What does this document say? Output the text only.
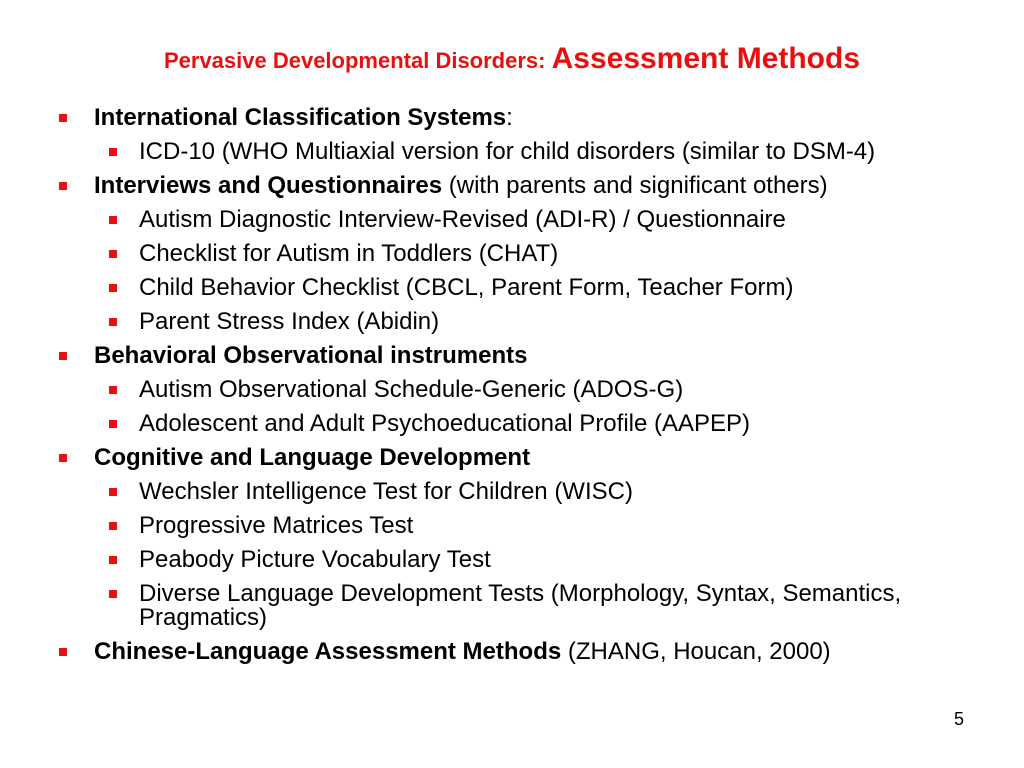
Pervasive Developmental Disorders: Assessment Methods
International Classification Systems:
ICD-10 (WHO Multiaxial version for child disorders (similar to DSM-4)
Interviews and Questionnaires (with parents and significant others)
Autism Diagnostic Interview-Revised (ADI-R) / Questionnaire
Checklist for Autism in Toddlers (CHAT)
Child Behavior Checklist (CBCL, Parent Form, Teacher Form)
Parent Stress Index (Abidin)
Behavioral Observational instruments
Autism Observational Schedule-Generic (ADOS-G)
Adolescent and Adult Psychoeducational Profile (AAPEP)
Cognitive and Language Development
Wechsler Intelligence Test for Children (WISC)
Progressive Matrices Test
Peabody Picture Vocabulary Test
Diverse Language Development Tests (Morphology, Syntax, Semantics, Pragmatics)
Chinese-Language Assessment Methods (ZHANG, Houcan, 2000)
5
